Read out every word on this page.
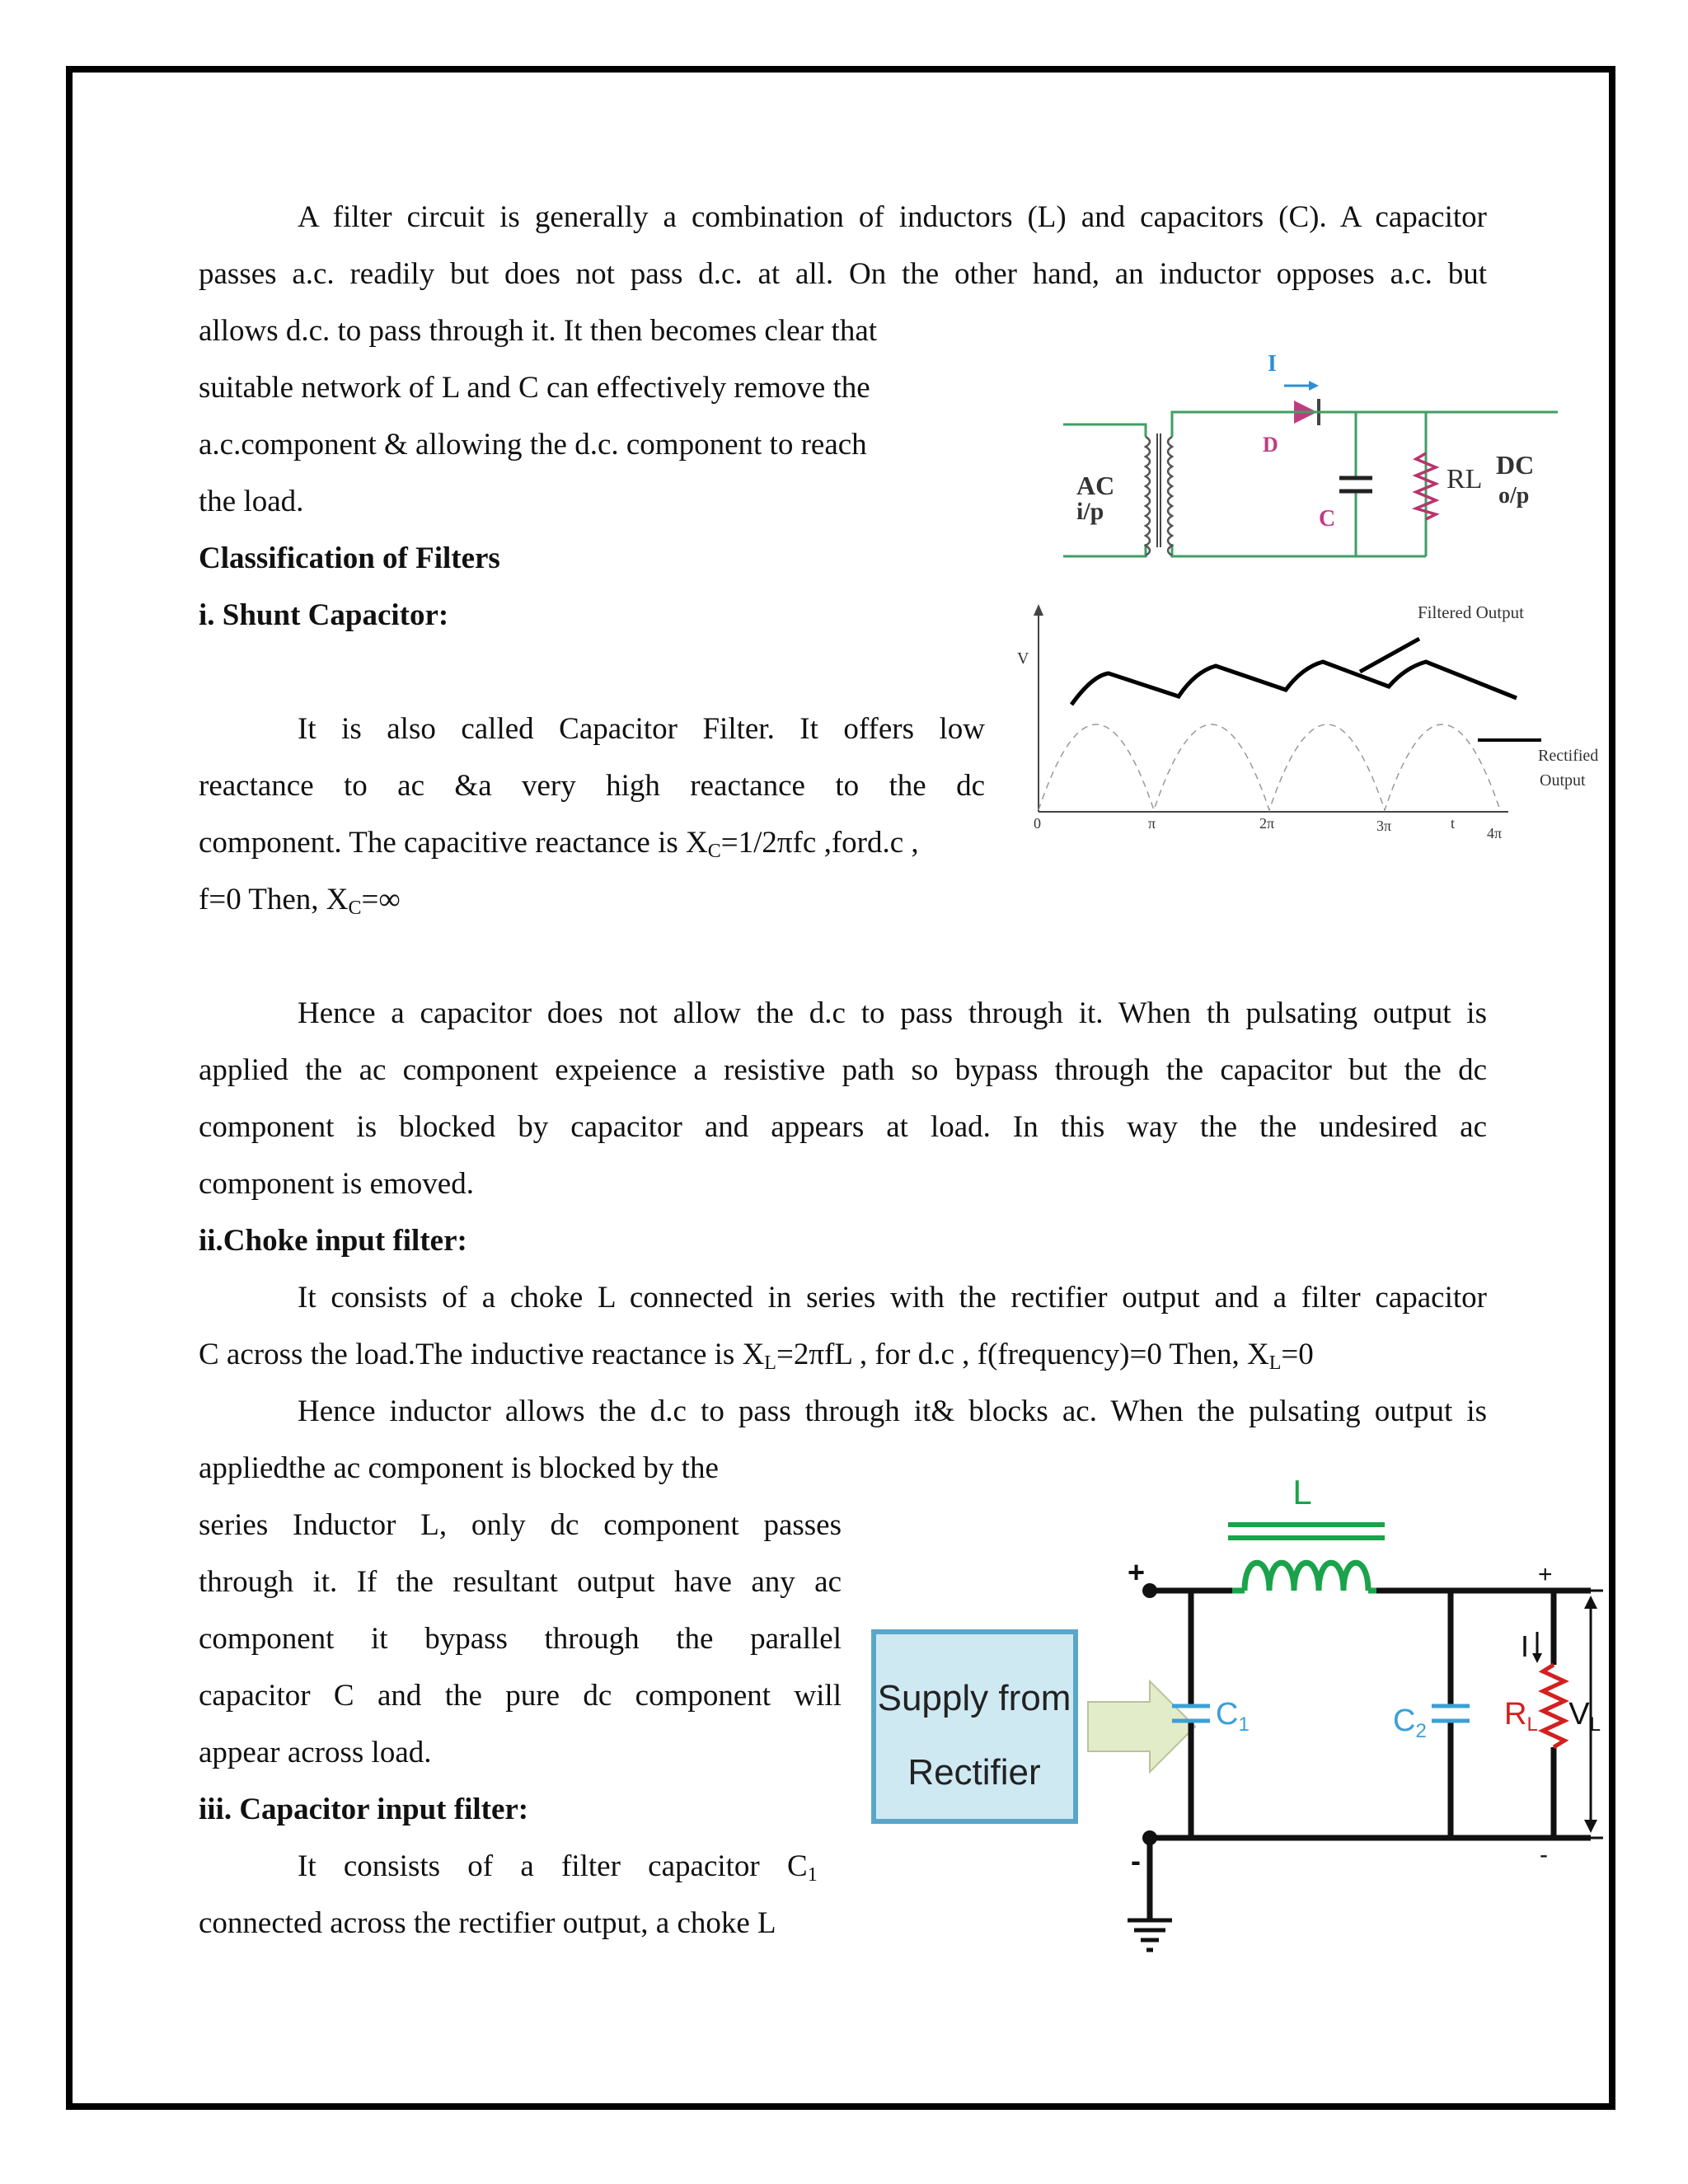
A filter circuit is generally a combination of inductors (L) and capacitors (C). A capacitor
passes a.c. readily but does not pass d.c. at all. On the other hand, an inductor opposes a.c. but
allows d.c. to pass through it. It then becomes clear that
suitable network of L and C can effectively remove the
a.c.component & allowing the d.c. component to reach
the load.
Classification of Filters
i. Shunt Capacitor:
It is also called Capacitor Filter. It offers low
reactance to ac &a very high reactance to the dc
component. The capacitive reactance is $X_C=1/2\pi fc$ ,ford.c ,
f=0 Then, $X_C=\infty$
Hence a capacitor does not allow the d.c to pass through it. When th pulsating output is
applied the ac component expeience a resistive path so bypass through the capacitor but the dc
component is blocked by capacitor and appears at load. In this way the the undesired ac
component is emoved.
ii.Choke input filter:
It consists of a choke L connected in series with the rectifier output and a filter capacitor
C across the load.The inductive reactance is $X_L=2\pi fL$ , for d.c , f(frequency)=0 Then, $X_L=0$
Hence inductor allows the d.c to pass through it& blocks ac. When the pulsating output is
appliedthe ac component is blocked by the
series Inductor L, only dc component passes
through it. If the resultant output have any ac
component it bypass through the parallel
capacitor C and the pure dc component will
appear across load.
iii. Capacitor input filter:
It consists of a filter capacitor $C_1$
connected across the rectifier output, a choke L
I
D
AC
i/p	C
RL DC
o/p
V
Filtered Output
Rectified
Output
0	π	2π	3π	t
4π
Supply from
Rectifier
L
+
-
+
-
$C_1$	$C_2$ $R_L$ $V_L$
I
